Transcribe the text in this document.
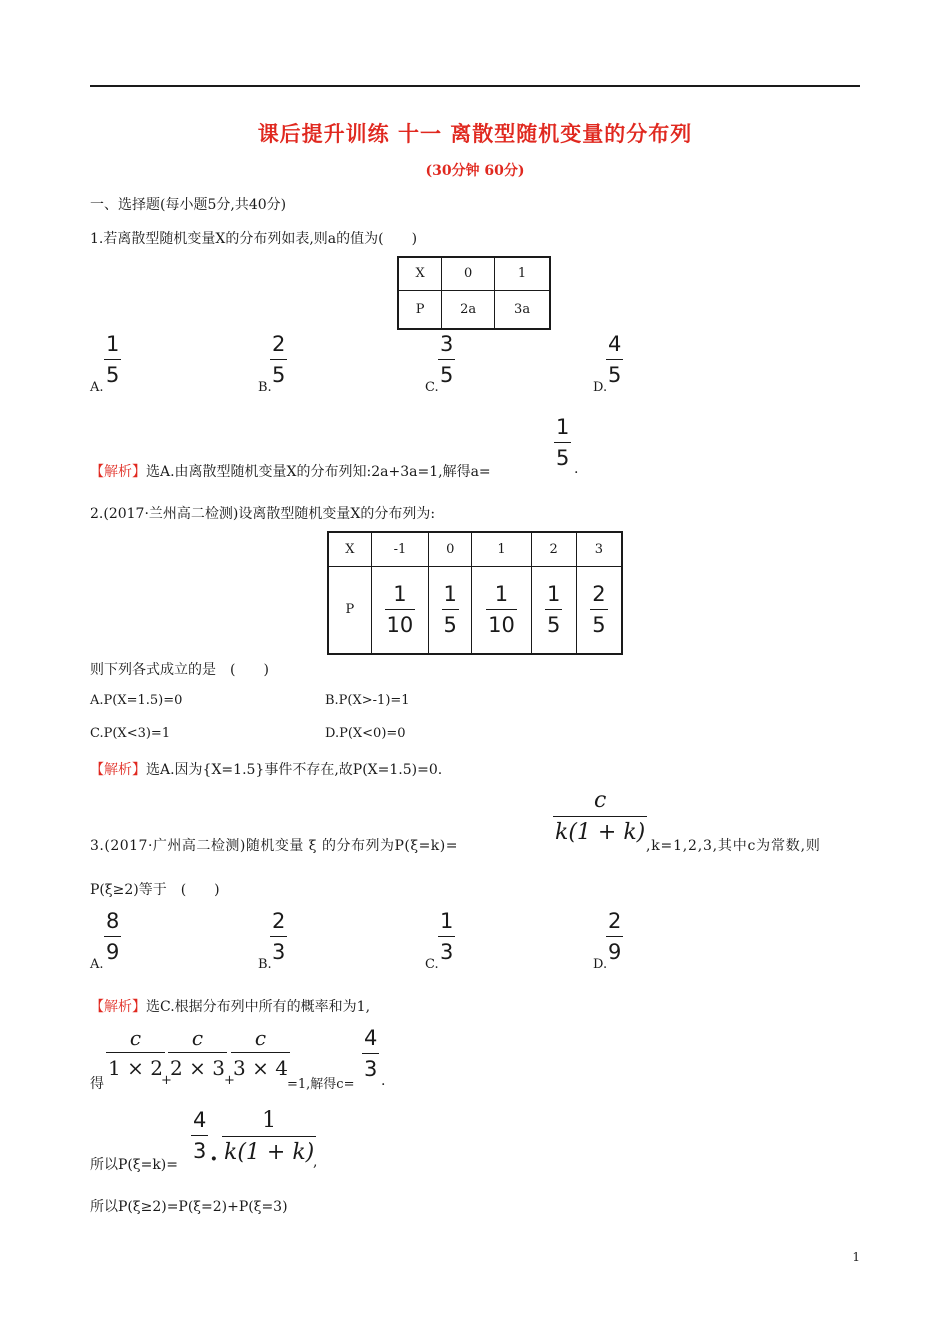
课后提升训练 十一 离散型随机变量的分布列
(30分钟 60分)
一、选择题(每小题5分,共40分)
1.若离散型随机变量X的分布列如表,则a的值为(　　)
X	0	1
P	2a	3a
A.
$\frac{1}{5}$
B.
$\frac{2}{5}$
C.
$\frac{3}{5}$
D.
$\frac{4}{5}$
【解析】选A.由离散型随机变量X的分布列知:2a+3a=1,解得a=
$\frac{1}{5}$ .
2.(2017·兰州高二检测)设离散型随机变量X的分布列为:
X	-1	0	1	2	3
P	$\frac{1}{10}$	$\frac{1}{5}$	$\frac{1}{10}$	$\frac{1}{5}$	$\frac{2}{5}$
则下列各式成立的是　(　　)
A.P(X=1.5)=0	B.P(X>-1)=1
C.P(X<3)=1	D.P(X<0)=0
【解析】选A.因为{X=1.5}事件不存在,故P(X=1.5)=0.
3.(2017·广州高二检测)随机变量 ξ 的分布列为P(ξ=k)=
$\frac{c}{k(1 + k)}$
,k=1,2,3,其中c为常数,则
P(ξ≥2)等于　(　　)
A.
$\frac{8}{9}$
B.
$\frac{2}{3}$
C.
$\frac{1}{3}$
D.
$\frac{2}{9}$
【解析】选C.根据分布列中所有的概率和为1,
得
$\frac{c}{1 \times 2}$
+
$\frac{c}{2 \times 3}$
+
$\frac{c}{3 \times 4}$
=1,解得c=
$\frac{4}{3}$
.
所以P(ξ=k)=
$\frac{4}{3} \cdot \frac{1}{k(1 + k)}$
,
所以P(ξ≥2)=P(ξ=2)+P(ξ=3)
1
